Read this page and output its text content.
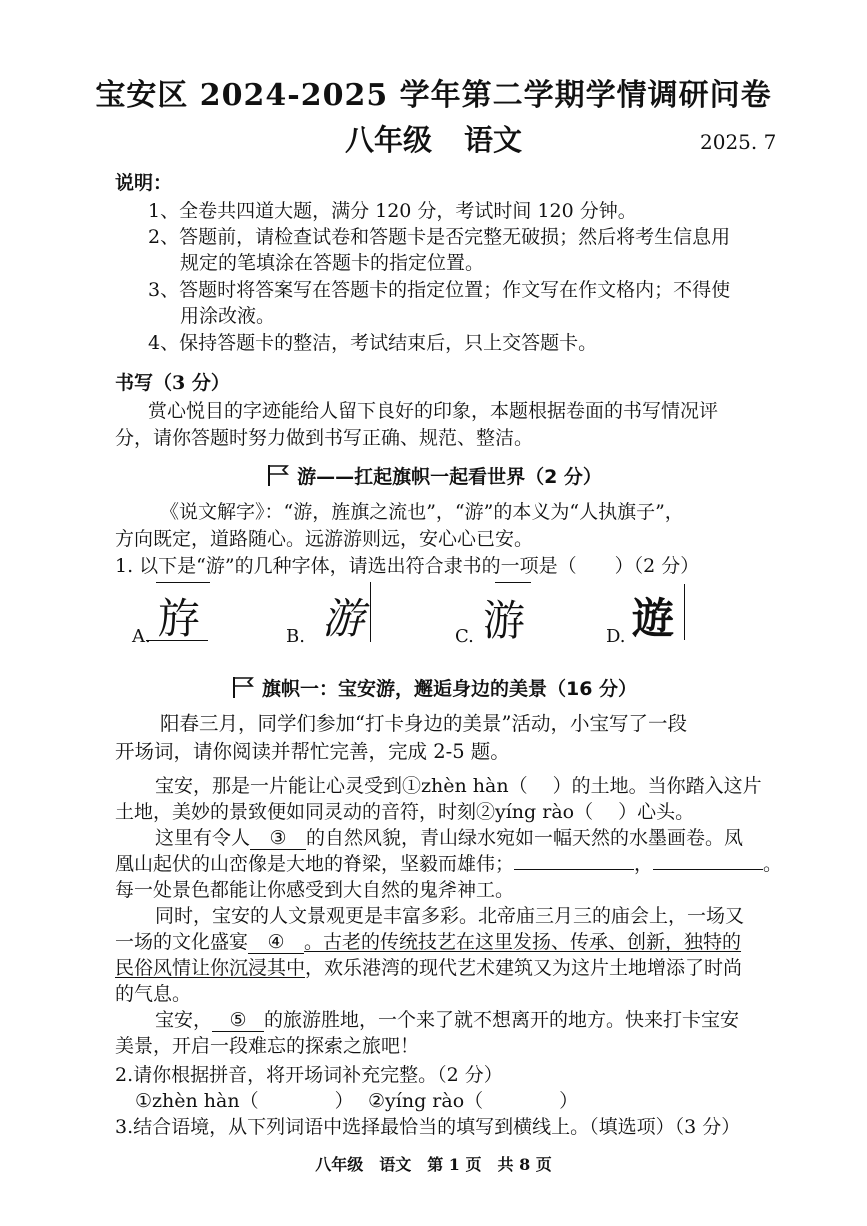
宝安区 2024-2025 学年第二学期学情调研问卷
八年级 语文	2025. 7
说明：
1、全卷共四道大题，满分 120 分，考试时间 120 分钟。
2、答题前，请检查试卷和答题卡是否完整无破损；然后将考生信息用
规定的笔填涂在答题卡的指定位置。
3、答题时将答案写在答题卡的指定位置；作文写在作文格内；不得使
用涂改液。
4、保持答题卡的整洁，考试结束后，只上交答题卡。
书写（3 分）
赏心悦目的字迹能给人留下良好的印象，本题根据卷面的书写情况评
分，请你答题时努力做到书写正确、规范、整洁。
游——扛起旗帜一起看世界（2 分）
《说文解字》：“游，旌旗之流也”，“游”的本义为“人执旗子”，
方向既定，道路随心。远游游则远，安心心已安。
1. 以下是“游”的几种字体，请选出符合隶书的一项是（　　）（2 分）
斿
A.	游
B.	游
C.	遊
D.
旗帜一：宝安游，邂逅身边的美景（16 分）
阳春三月，同学们参加“打卡身边的美景”活动，小宝写了一段
开场词，请你阅读并帮忙完善，完成 2-5 题。
宝安，那是一片能让心灵受到①zhèn hàn（　 ）的土地。当你踏入这片
土地，美妙的景致便如同灵动的音符，时刻②yíng rào（　 ）心头。
这里有令人 ③ 的自然风貌，青山绿水宛如一幅天然的水墨画卷。凤
凰山起伏的山峦像是大地的脊梁，坚毅而雄伟；	，	。
每一处景色都能让你感受到大自然的鬼斧神工。
同时，宝安的人文景观更是丰富多彩。北帝庙三月三的庙会上，一场又
一场的文化盛宴 ④ 。古老的传统技艺在这里发扬、传承、创新，独特的
民俗风情让你沉浸其中，欢乐港湾的现代艺术建筑又为这片土地增添了时尚
的气息。
宝安， ⑤ 的旅游胜地，一个来了就不想离开的地方。快来打卡宝安
美景，开启一段难忘的探索之旅吧！
2.请你根据拼音，将开场词补充完整。（2 分）
①zhèn hàn（　　　　） ②yíng rào（　　　　）
3.结合语境，从下列词语中选择最恰当的填写到横线上。（填选项）（3 分）
八年级　语文　第 1 页　共 8 页
